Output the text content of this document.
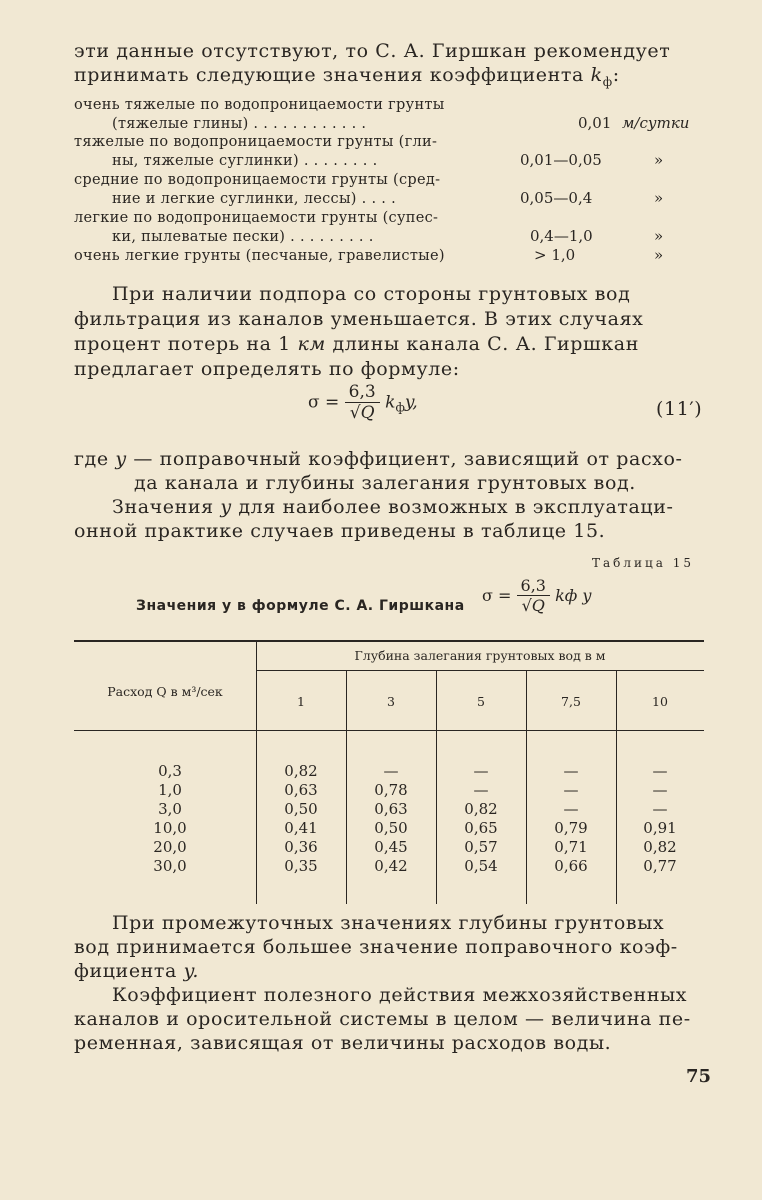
эти данные отсутствуют, то С. А. Гиршкан рекомендует
принимать следующие значения коэффициента $k_ф$:
очень тяжелые по водопроницаемости грунты
(тяжелые глины) . . . . . . . . . . . .	0,01 м/сутки
тяжелые по водопроницаемости грунты (гли-
ны, тяжелые суглинки) . . . . . . . .	0,01—0,05	»
средние по водопроницаемости грунты (сред-
ние и легкие суглинки, лессы) . . . .	0,05—0,4	»
легкие по водопроницаемости грунты (супес-
ки, пылеватые пески) . . . . . . . . .	0,4—1,0	»
очень легкие грунты (песчаные, гравелистые)	> 1,0	»
При наличии подпора со стороны грунтовых вод
фильтрация из каналов уменьшается. В этих случаях
процент потерь на 1 км длины канала С. А. Гиршкан
предлагает определять по формуле:
$\sigma = \frac{6,3}{√Q} k_фy$,	(11′)
где y — поправочный коэффициент, зависящий от расхо-
да канала и глубины залегания грунтовых вод.
Значения y для наиболее возможных в эксплуатаци-
онной практике случаев приведены в таблице 15.
Таблица 15
Значения y в формуле С. А. Гиршкана
$\sigma = \frac{6,3}{√Q}$ kф y
Глубина залегания грунтовых вод в м
Расход Q в м³/сек
1	3	5	7,5	10
0,3	0,82	—	—	—	—
1,0	0,63	0,78	—	—	—
3,0	0,50	0,63	0,82	—	—
10,0	0,41	0,50	0,65	0,79	0,91
20,0	0,36	0,45	0,57	0,71	0,82
30,0	0,35	0,42	0,54	0,66	0,77
При промежуточных значениях глубины грунтовых
вод принимается большее значение поправочного коэф-
фициента y.
Коэффициент полезного действия межхозяйственных
каналов и оросительной системы в целом — величина пе-
ременная, зависящая от величины расходов воды.
75
